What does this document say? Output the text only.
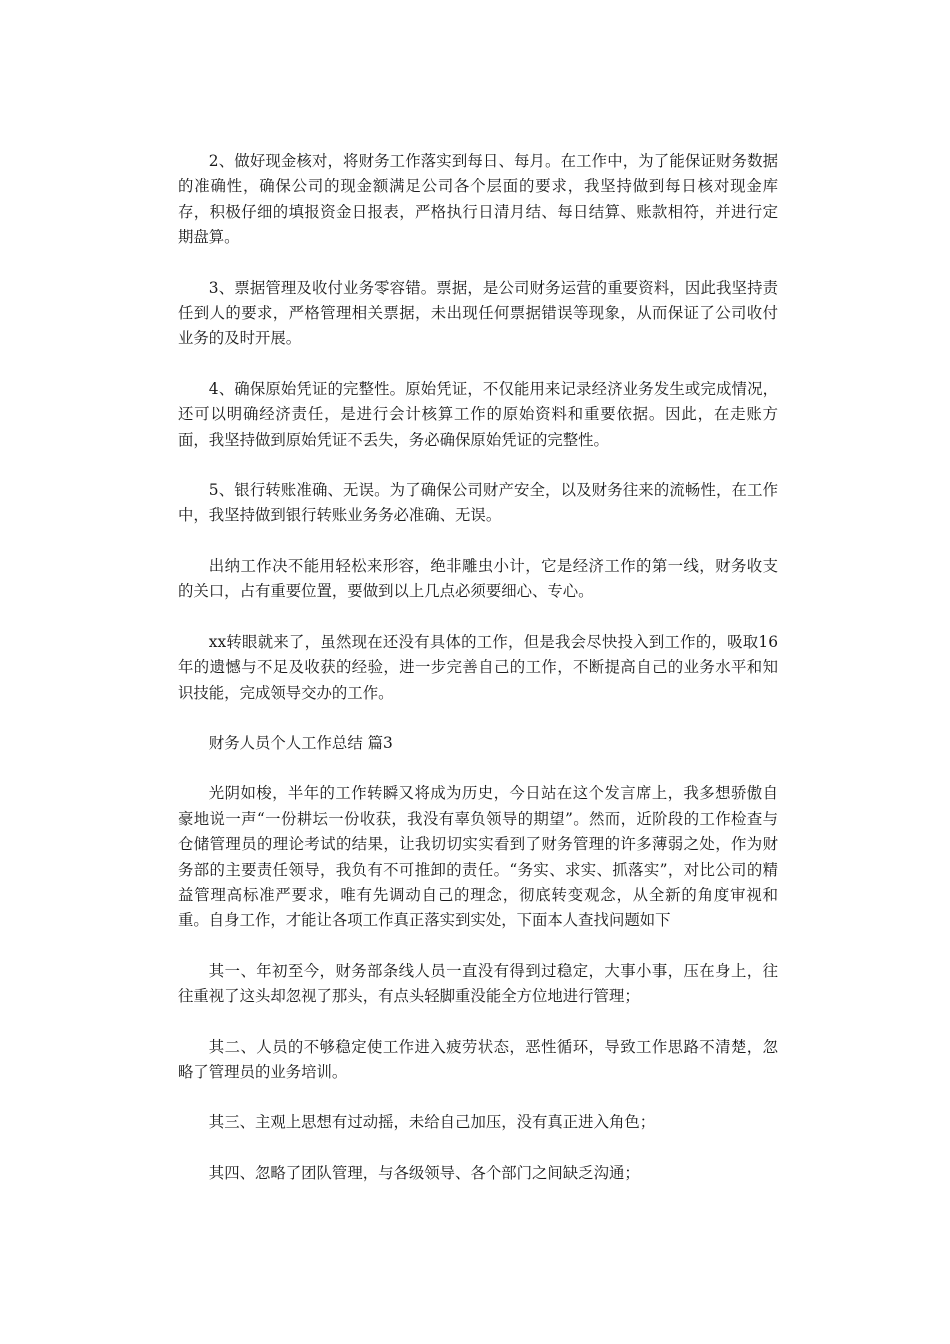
2、做好现金核对，将财务工作落实到每日、每月。在工作中，为了能保证财务数据的准确性，确保公司的现金额满足公司各个层面的要求，我坚持做到每日核对现金库存，积极仔细的填报资金日报表，严格执行日清月结、每日结算、账款相符，并进行定期盘算。

3、票据管理及收付业务零容错。票据，是公司财务运营的重要资料，因此我坚持责任到人的要求，严格管理相关票据，未出现任何票据错误等现象，从而保证了公司收付业务的及时开展。

4、确保原始凭证的完整性。原始凭证，不仅能用来记录经济业务发生或完成情况，还可以明确经济责任，是进行会计核算工作的原始资料和重要依据。因此，在走账方面，我坚持做到原始凭证不丢失，务必确保原始凭证的完整性。

5、银行转账准确、无误。为了确保公司财产安全，以及财务往来的流畅性，在工作中，我坚持做到银行转账业务务必准确、无误。

出纳工作决不能用轻松来形容，绝非雕虫小计，它是经济工作的第一线，财务收支的关口，占有重要位置，要做到以上几点必须要细心、专心。

xx转眼就来了，虽然现在还没有具体的工作，但是我会尽快投入到工作的，吸取16年的遗憾与不足及收获的经验，进一步完善自己的工作，不断提高自己的业务水平和知识技能，完成领导交办的工作。

财务人员个人工作总结 篇3

光阴如梭，半年的工作转瞬又将成为历史，今日站在这个发言席上，我多想骄傲自豪地说一声“一份耕坛一份收获，我没有辜负领导的期望”。然而，近阶段的工作检查与仓储管理员的理论考试的结果，让我切切实实看到了财务管理的许多薄弱之处，作为财务部的主要责任领导，我负有不可推卸的责任。“务实、求实、抓落实”，对比公司的精益管理高标准严要求，唯有先调动自己的理念，彻底转变观念，从全新的角度审视和重。自身工作，才能让各项工作真正落实到实处，下面本人查找问题如下

其一、年初至今，财务部条线人员一直没有得到过稳定，大事小事，压在身上，往往重视了这头却忽视了那头，有点头轻脚重没能全方位地进行管理；

其二、人员的不够稳定使工作进入疲劳状态，恶性循环，导致工作思路不清楚，忽略了管理员的业务培训。

其三、主观上思想有过动摇，未给自己加压，没有真正进入角色；

其四、忽略了团队管理，与各级领导、各个部门之间缺乏沟通；
